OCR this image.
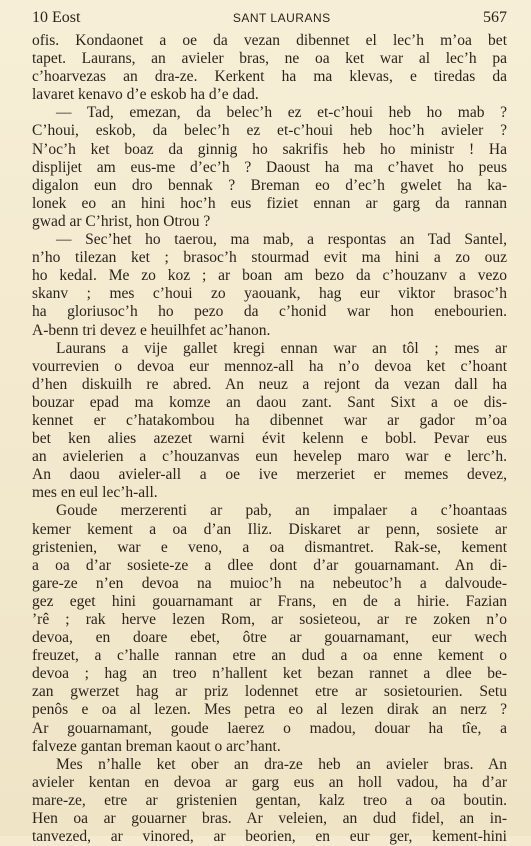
10 Eost	SANT LAURANS	567
ofis. Kondaonet a oe da vezan dibennet el lec’h m’oa bet
tapet. Laurans, an avieler bras, ne oa ket war al lec’h pa
c’hoarvezas an dra-ze. Kerkent ha ma klevas, e tiredas da
lavaret kenavo d’e eskob ha d’e dad.
— Tad, emezan, da belec’h ez et-c’houi heb ho mab ?
C’houi, eskob, da belec’h ez et-c’houi heb hoc’h avieler ?
N’oc’h ket boaz da ginnig ho sakrifis heb ho ministr ! Ha
displijet am eus-me d’ec’h ? Daoust ha ma c’havet ho peus
digalon eun dro bennak ? Breman eo d’ec’h gwelet ha ka-
lonek eo an hini hoc’h eus fiziet ennan ar garg da rannan
gwad ar C’hrist, hon Otrou ?
— Sec’het ho taerou, ma mab, a respontas an Tad Santel,
n’ho tilezan ket ; brasoc’h stourmad evit ma hini a zo ouz
ho kedal. Me zo koz ; ar boan am bezo da c’houzanv a vezo
skanv ; mes c’houi zo yaouank, hag eur viktor brasoc’h
ha gloriusoc’h ho pezo da c’honid war hon enebourien.
A-benn tri devez e heuilhfet ac’hanon.
Laurans a vije gallet kregi ennan war an tôl ; mes ar
vourrevien o devoa eur mennoz-all ha n’o devoa ket c’hoant
d’hen diskuilh re abred. An neuz a rejont da vezan dall ha
bouzar epad ma komze an daou zant. Sant Sixt a oe dis-
kennet er c’hatakombou ha dibennet war ar gador m’oa
bet ken alies azezet warni évit kelenn e bobl. Pevar eus
an avielerien a c’houzanvas eun hevelep maro war e lerc’h.
An daou avieler-all a oe ive merzeriet er memes devez,
mes en eul lec’h-all.
Goude merzerenti ar pab, an impalaer a c’hoantaas
kemer kement a oa d’an Iliz. Diskaret ar penn, sosiete ar
gristenien, war e veno, a oa dismantret. Rak-se, kement
a oa d’ar sosiete-ze a dlee dont d’ar gouarnamant. An di-
gare-ze n’en devoa na muioc’h na nebeutoc’h a dalvoude-
gez eget hini gouarnamant ar Frans, en de a hirie. Fazian
’rê ; rak herve lezen Rom, ar sosieteou, ar re zoken n’o
devoa, en doare ebet, ôtre ar gouarnamant, eur wech
freuzet, a c’halle rannan etre an dud a oa enne kement o
devoa ; hag an treo n’hallent ket bezan rannet a dlee be-
zan gwerzet hag ar priz lodennet etre ar sosietourien. Setu
penôs e oa al lezen. Mes petra eo al lezen dirak an nerz ?
Ar gouarnamant, goude laerez o madou, douar ha tîe, a
falveze gantan breman kaout o arc’hant.
Mes n’halle ket ober an dra-ze heb an avieler bras. An
avieler kentan en devoa ar garg eus an holl vadou, ha d’ar
mare-ze, etre ar gristenien gentan, kalz treo a oa boutin.
Hen oa ar gouarner bras. Ar veleien, an dud fidel, an in-
tanvezed, ar vinored, ar beorien, en eur ger, kement-hini
